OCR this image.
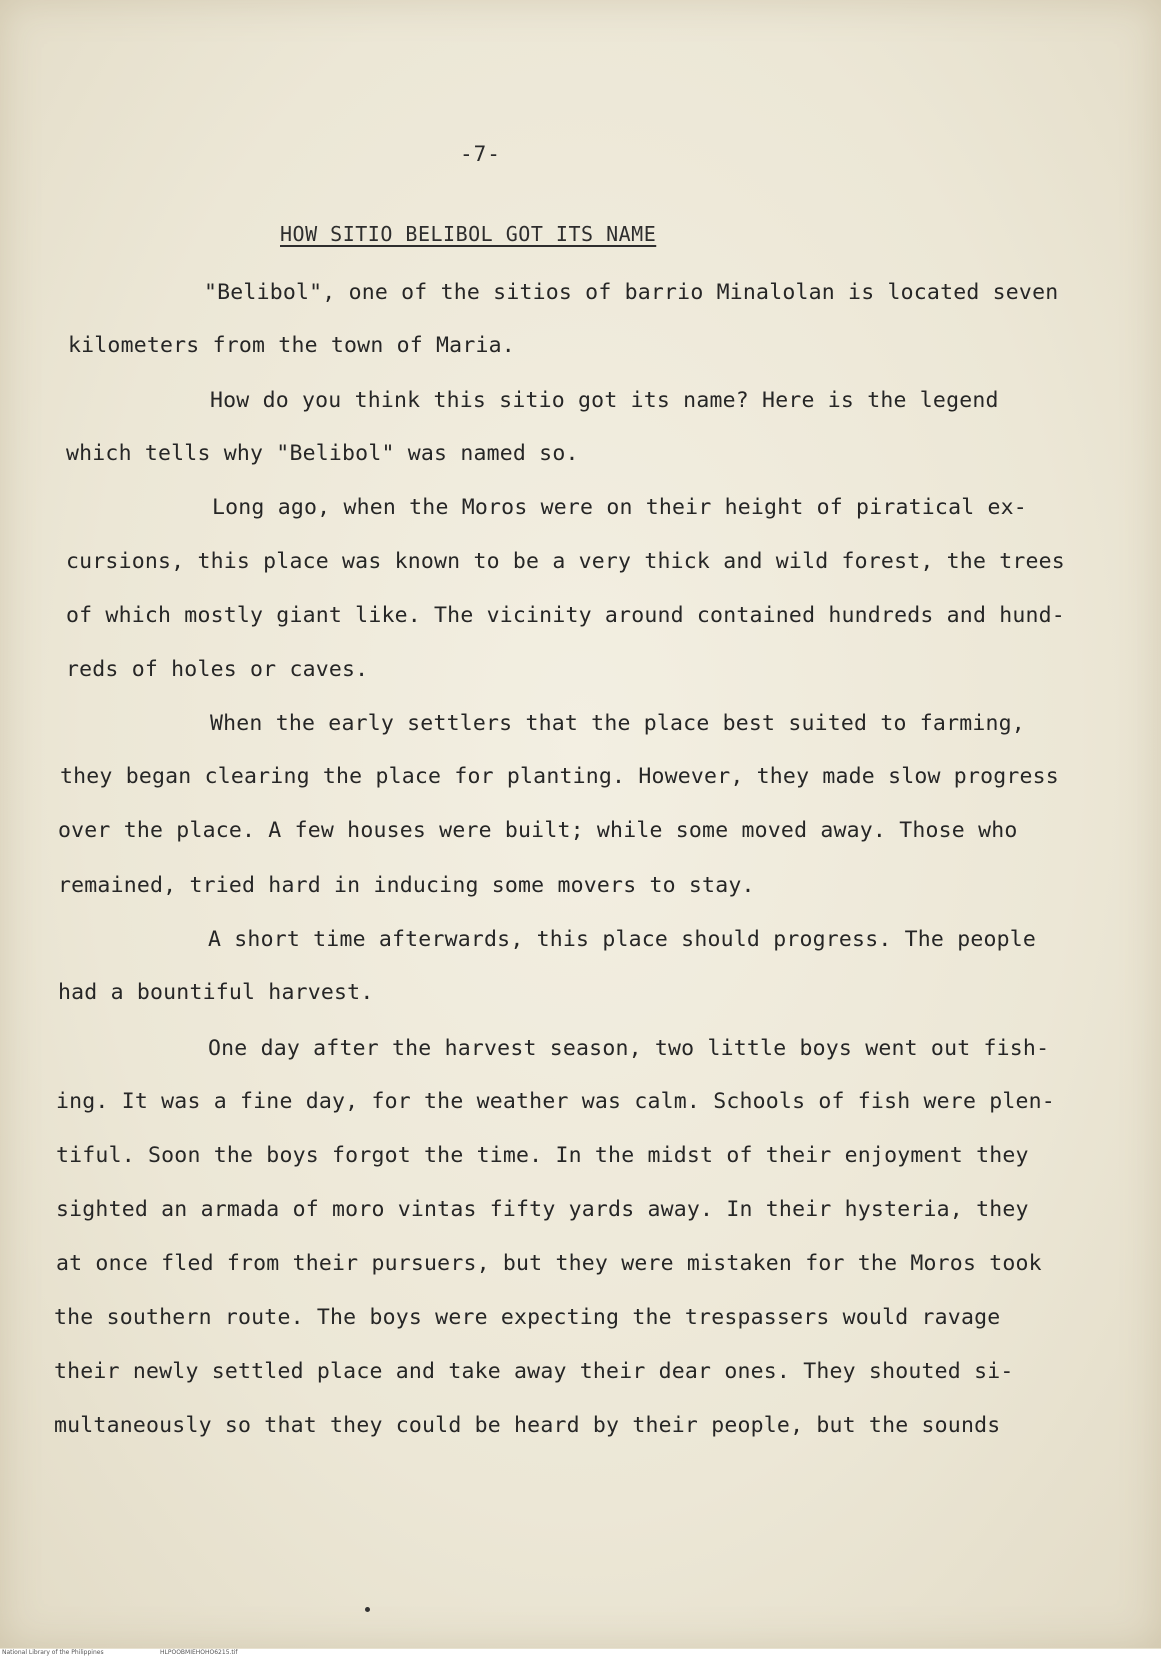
-7-
HOW SITIO BELIBOL GOT ITS NAME
"Belibol", one of the sitios of barrio Minalolan is located seven
kilometers from the town of Maria.
How do you think this sitio got its name? Here is the legend
which tells why "Belibol" was named so.
Long ago, when the Moros were on their height of piratical ex-
cursions, this place was known to be a very thick and wild forest, the trees
of which mostly giant like. The vicinity around contained hundreds and hund-
reds of holes or caves.
When the early settlers that the place best suited to farming,
they began clearing the place for planting. However, they made slow progress
over the place. A few houses were built; while some moved away. Those who
remained, tried hard in inducing some movers to stay.
A short time afterwards, this place should progress. The people
had a bountiful harvest.
One day after the harvest season, two little boys went out fish-
ing. It was a fine day, for the weather was calm. Schools of fish were plen-
tiful. Soon the boys forgot the time. In the midst of their enjoyment they
sighted an armada of moro vintas fifty yards away. In their hysteria, they
at once fled from their pursuers, but they were mistaken for the Moros took
the southern route. The boys were expecting the trespassers would ravage
their newly settled place and take away their dear ones. They shouted si-
multaneously so that they could be heard by their people, but the sounds
National Library of the Philippines	HLPOOBMIEHOHO6215.tif
